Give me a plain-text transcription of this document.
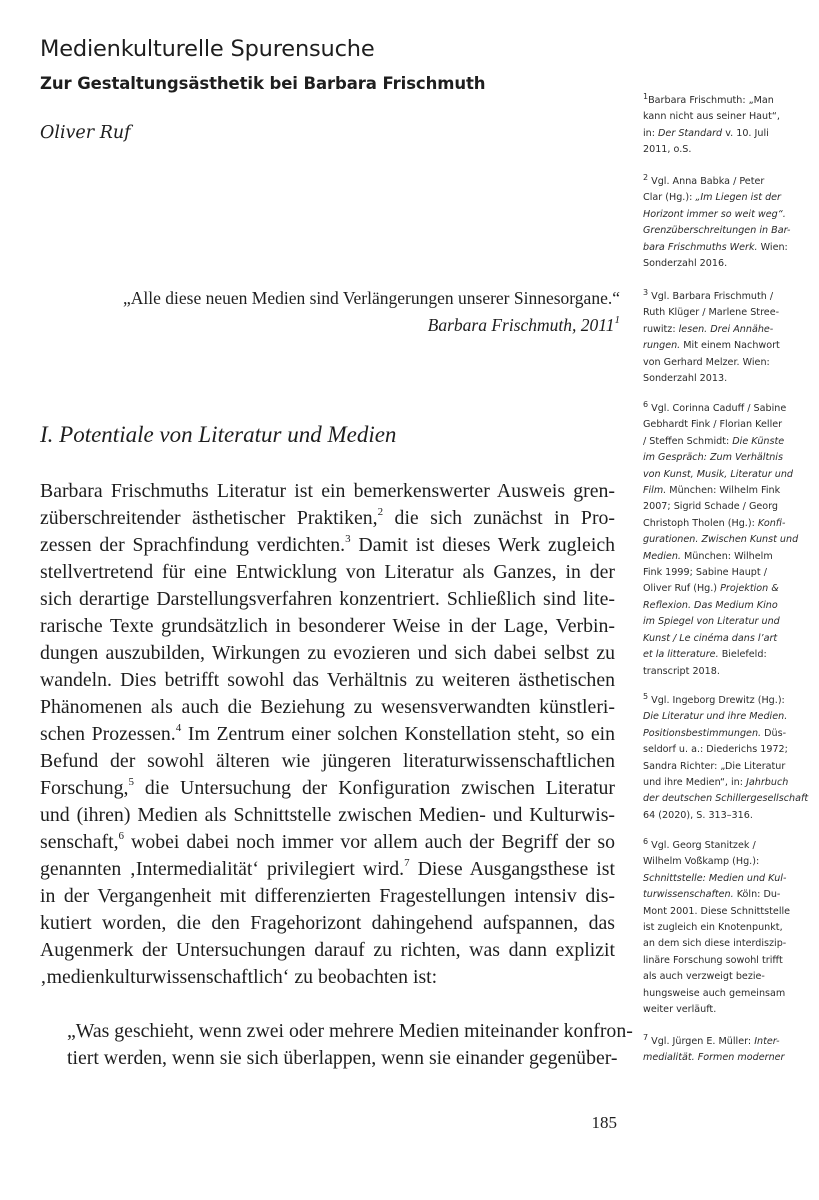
Medienkulturelle Spurensuche
Zur Gestaltungsästhetik bei Barbara Frischmuth

Oliver Ruf

„Alle diese neuen Medien sind Verlängerungen unserer Sinnesorgane.“

Barbara Frischmuth, 2011$^1$

I. Potentiale von Literatur und Medien

Barbara Frischmuths Literatur ist ein bemerkenswerter Ausweis gren-

züberschreitender ästhetischer Praktiken,$^2$ die sich zunächst in Pro-

zessen der Sprachfindung verdichten.$^3$ Damit ist dieses Werk zugleich

stellvertretend für eine Entwicklung von Literatur als Ganzes, in der

sich derartige Darstellungsverfahren konzentriert. Schließlich sind lite-

rarische Texte grundsätzlich in besonderer Weise in der Lage, Verbin-

dungen auszubilden, Wirkungen zu evozieren und sich dabei selbst zu

wandeln. Dies betrifft sowohl das Verhältnis zu weiteren ästhetischen

Phänomenen als auch die Beziehung zu wesensverwandten künstleri-

schen Prozessen.$^4$ Im Zentrum einer solchen Konstellation steht, so ein

Befund der sowohl älteren wie jüngeren literaturwissenschaftlichen

Forschung,$^5$ die Untersuchung der Konfiguration zwischen Literatur

und (ihren) Medien als Schnittstelle zwischen Medien- und Kulturwis-

senschaft,$^6$ wobei dabei noch immer vor allem auch der Begriff der so

genannten ‚Intermedialität‘ privilegiert wird.$^7$ Diese Ausgangsthese ist

in der Vergangenheit mit differenzierten Fragestellungen intensiv dis-

kutiert worden, die den Fragehorizont dahingehend aufspannen, das

Augenmerk der Untersuchungen darauf zu richten, was dann explizit

‚medienkulturwissenschaftlich‘ zu beobachten ist:

„Was geschieht, wenn zwei oder mehrere Medien miteinander konfron-

tiert werden, wenn sie sich überlappen, wenn sie einander gegenüber-

185

$^1$Barbara Frischmuth: „Man
kann nicht aus seiner Haut“,
in: Der Standard v. 10. Juli
2011, o.S.
$^2$ Vgl. Anna Babka / Peter
Clar (Hg.): „Im Liegen ist der
Horizont immer so weit weg“.
Grenzüberschreitungen in Bar-
bara Frischmuths Werk. Wien:
Sonderzahl 2016.
$^3$ Vgl. Barbara Frischmuth /
Ruth Klüger / Marlene Stree-
ruwitz: lesen. Drei Annähe-
rungen. Mit einem Nachwort
von Gerhard Melzer. Wien:
Sonderzahl 2013.
$^6$ Vgl. Corinna Caduff / Sabine
Gebhardt Fink / Florian Keller
/ Steffen Schmidt: Die Künste
im Gespräch: Zum Verhältnis
von Kunst, Musik, Literatur und
Film. München: Wilhelm Fink
2007; Sigrid Schade / Georg
Christoph Tholen (Hg.): Konfi-
gurationen. Zwischen Kunst und
Medien. München: Wilhelm
Fink 1999; Sabine Haupt /
Oliver Ruf (Hg.) Projektion &
Reflexion. Das Medium Kino
im Spiegel von Literatur und
Kunst / Le cinéma dans l’art
et la litterature. Bielefeld:
transcript 2018.
$^5$ Vgl. Ingeborg Drewitz (Hg.):
Die Literatur und ihre Medien.
Positionsbestimmungen. Düs-
seldorf u. a.: Diederichs 1972;
Sandra Richter: „Die Literatur
und ihre Medien“, in: Jahrbuch
der deutschen Schillergesellschaft
64 (2020), S. 313–316.
$^6$ Vgl. Georg Stanitzek /
Wilhelm Voßkamp (Hg.):
Schnittstelle: Medien und Kul-
turwissenschaften. Köln: Du-
Mont 2001. Diese Schnittstelle
ist zugleich ein Knotenpunkt,
an dem sich diese interdiszip-
linäre Forschung sowohl trifft
als auch verzweigt bezie-
hungsweise auch gemeinsam
weiter verläuft.
$^7$ Vgl. Jürgen E. Müller: Inter-
medialität. Formen moderner
